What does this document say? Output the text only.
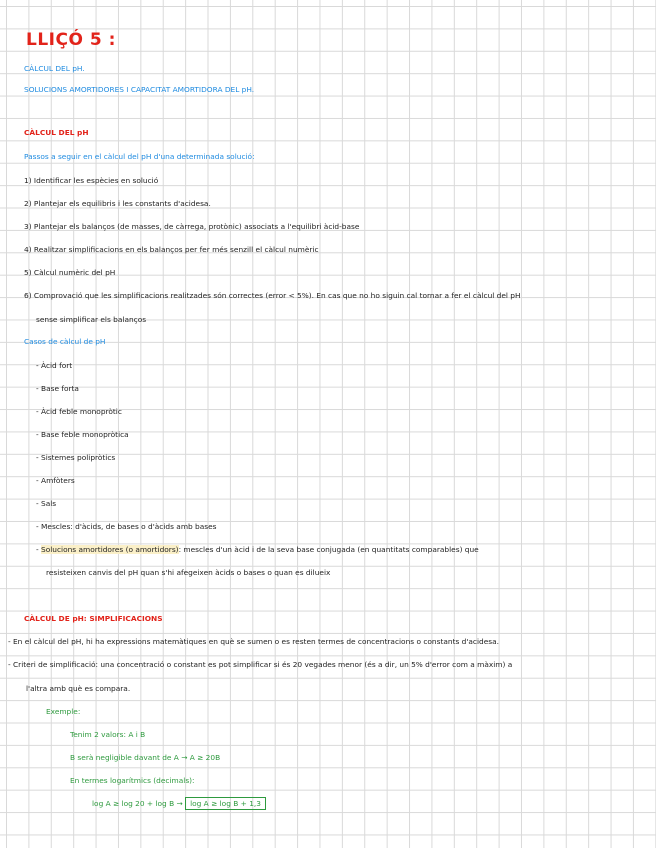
LLIÇÓ 5 :
CÀLCUL DEL pH.
SOLUCIONS AMORTIDORES I CAPACITAT AMORTIDORA DEL pH.
CÀLCUL DEL pH
Passos a seguir en el càlcul del pH d'una determinada solució:
1) Identificar les espècies en solució
2) Plantejar els equilibris i les constants d'acidesa.
3) Plantejar els balanços (de masses, de càrrega, protònic) associats a l'equilibri àcid-base
4) Realitzar simplificacions en els balanços per fer més senzill el càlcul numèric
5) Càlcul numèric del pH
6) Comprovació que les simplificacions realitzades són correctes (error < 5%). En cas que no ho siguin cal tornar a fer el càlcul del pH
sense simplificar els balanços
Casos de càlcul de pH
- Àcid fort
- Base forta
- Àcid feble monopròtic
- Base feble monopròtica
- Sistemes polipròtics
- Amfòters
- Sals
- Mescles: d'àcids, de bases o d'àcids amb bases
- Solucions amortidores (o amortidors): mescles d'un àcid i de la seva base conjugada (en quantitats comparables) que
resisteixen canvis del pH quan s'hi afegeixen àcids o bases o quan es dilueix
CÀLCUL DE pH: SIMPLIFICACIONS
- En el càlcul del pH, hi ha expressions matemàtiques en què se sumen o es resten termes de concentracions o constants d'acidesa.
- Criteri de simplificació: una concentració o constant es pot simplificar si és 20 vegades menor (és a dir, un 5% d'error com a màxim) a
l'altra amb què es compara.
Exemple:
Tenim 2 valors: A i B
B serà negligible davant de A → A ≥ 20B
En termes logarítmics (decimals):
log A ≥ log 20 + log B → log A ≥ log B + 1,3
